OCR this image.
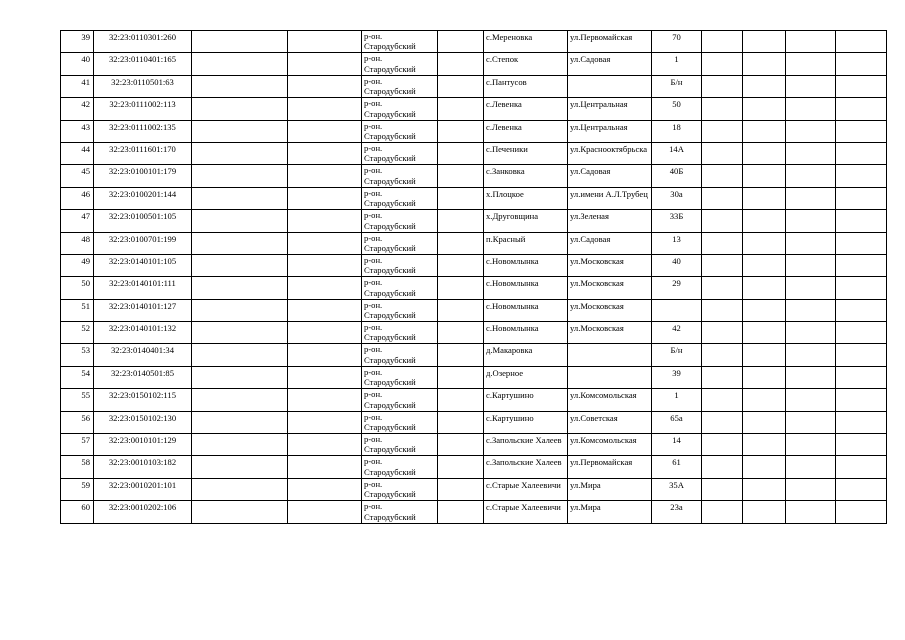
39	32:23:0110301:260			р-он. Стародубский		с.Мереновка	ул.Первомайская	70				
40	32:23:0110401:165			р-он. Стародубский		с.Степок	ул.Садовая	1				
41	32:23:0110501:63			р-он. Стародубский		с.Пантусов		Б/н				
42	32:23:0111002:113			р-он. Стародубский		с.Левенка	ул.Центральная	50				
43	32:23:0111002:135			р-он. Стародубский		с.Левенка	ул.Центральная	18				
44	32:23:0111601:170			р-он. Стародубский		с.Печеники	ул.Красноoктябрьска	14А				
45	32:23:0100101:179			р-он. Стародубский		с.Занковка	ул.Садовая	40Б				
46	32:23:0100201:144			р-он. Стародубский		х.Плоцкое	ул.имени А.Л.Трубец	30а				
47	32:23:0100501:105			р-он. Стародубский		х.Друговщина	ул.Зеленая	33Б				
48	32:23:0100701:199			р-он. Стародубский		п.Красный	ул.Садовая	13				
49	32:23:0140101:105			р-он. Стародубский		с.Новомлынка	ул.Московская	40				
50	32:23:0140101:111			р-он. Стародубский		с.Новомлынка	ул.Московская	29				
51	32:23:0140101:127			р-он. Стародубский		с.Новомлынка	ул.Московская					
52	32:23:0140101:132			р-он. Стародубский		с.Новомлынка	ул.Московская	42				
53	32:23:0140401:34			р-он. Стародубский		д.Макаровка		Б/н				
54	32:23:0140501:85			р-он. Стародубский		д.Озерное		39				
55	32:23:0150102:115			р-он. Стародубский		с.Картушино	ул.Комсомольская	1				
56	32:23:0150102:130			р-он. Стародубский		с.Картушино	ул.Советская	65а				
57	32:23:0010101:129			р-он. Стародубский		с.Запольские Халеев	ул.Комсомольская	14				
58	32:23:0010103:182			р-он. Стародубский		с.Запольские Халеев	ул.Первомайская	61				
59	32:23:0010201:101			р-он. Стародубский		с.Старые Халеевичи	ул.Мира	35А				
60	32:23:0010202:106			р-он. Стародубский		с.Старые Халеевичи	ул.Мира	23а				
